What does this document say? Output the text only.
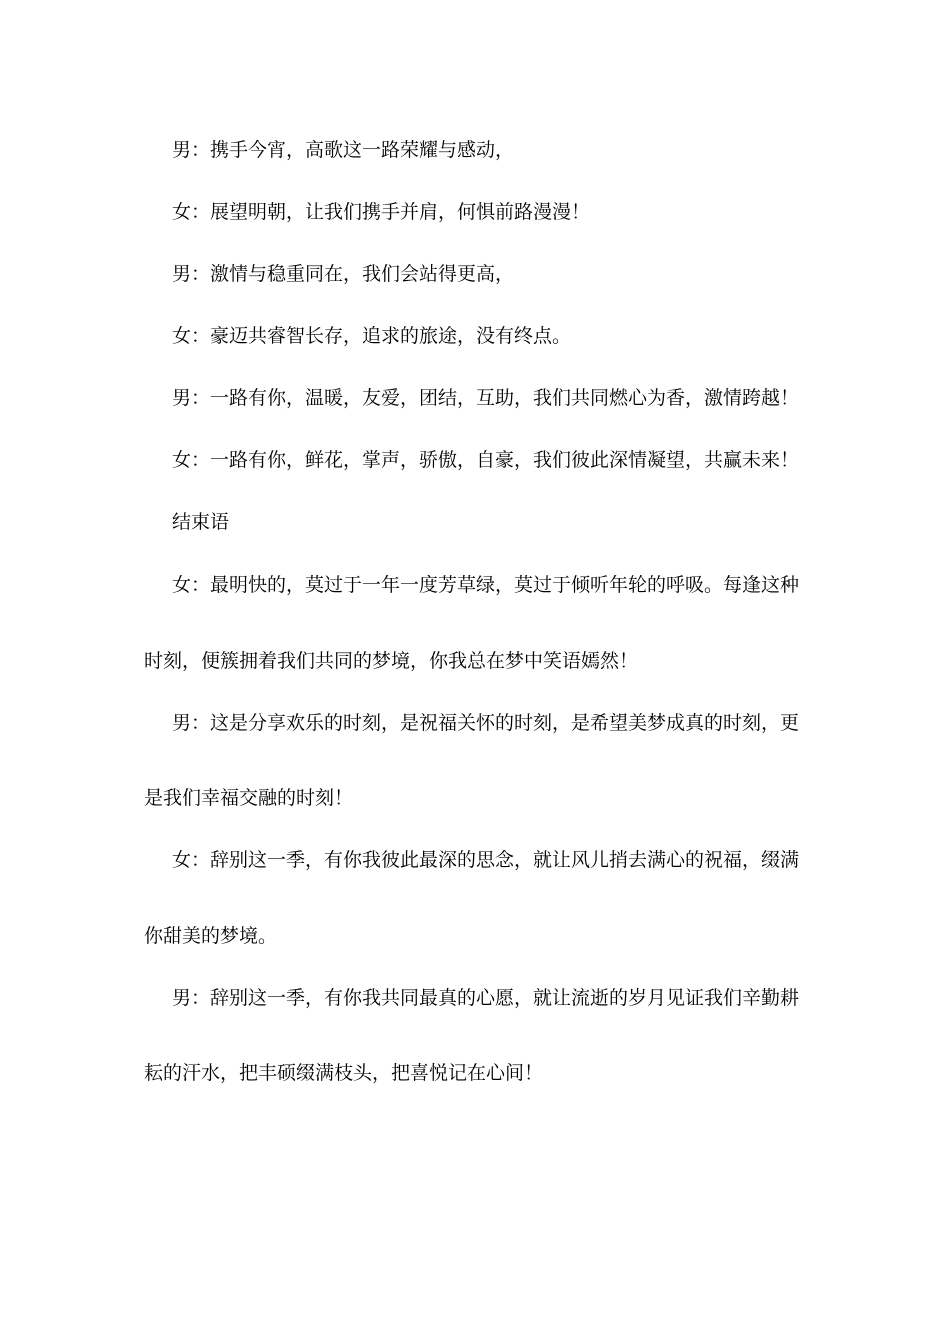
男：携手今宵，高歌这一路荣耀与感动，

女：展望明朝，让我们携手并肩，何惧前路漫漫！

男：激情与稳重同在，我们会站得更高，

女：豪迈共睿智长存，追求的旅途，没有终点。

男：一路有你，温暖，友爱，团结，互助，我们共同燃心为香，激情跨越！

女：一路有你，鲜花，掌声，骄傲，自豪，我们彼此深情凝望，共赢未来！

结束语

女：最明快的，莫过于一年一度芳草绿，莫过于倾听年轮的呼吸。每逢这种

时刻，便簇拥着我们共同的梦境，你我总在梦中笑语嫣然！

男：这是分享欢乐的时刻，是祝福关怀的时刻，是希望美梦成真的时刻，更

是我们幸福交融的时刻！

女：辞别这一季，有你我彼此最深的思念，就让风儿捎去满心的祝福，缀满

你甜美的梦境。

男：辞别这一季，有你我共同最真的心愿，就让流逝的岁月见证我们辛勤耕

耘的汗水，把丰硕缀满枝头，把喜悦记在心间！
